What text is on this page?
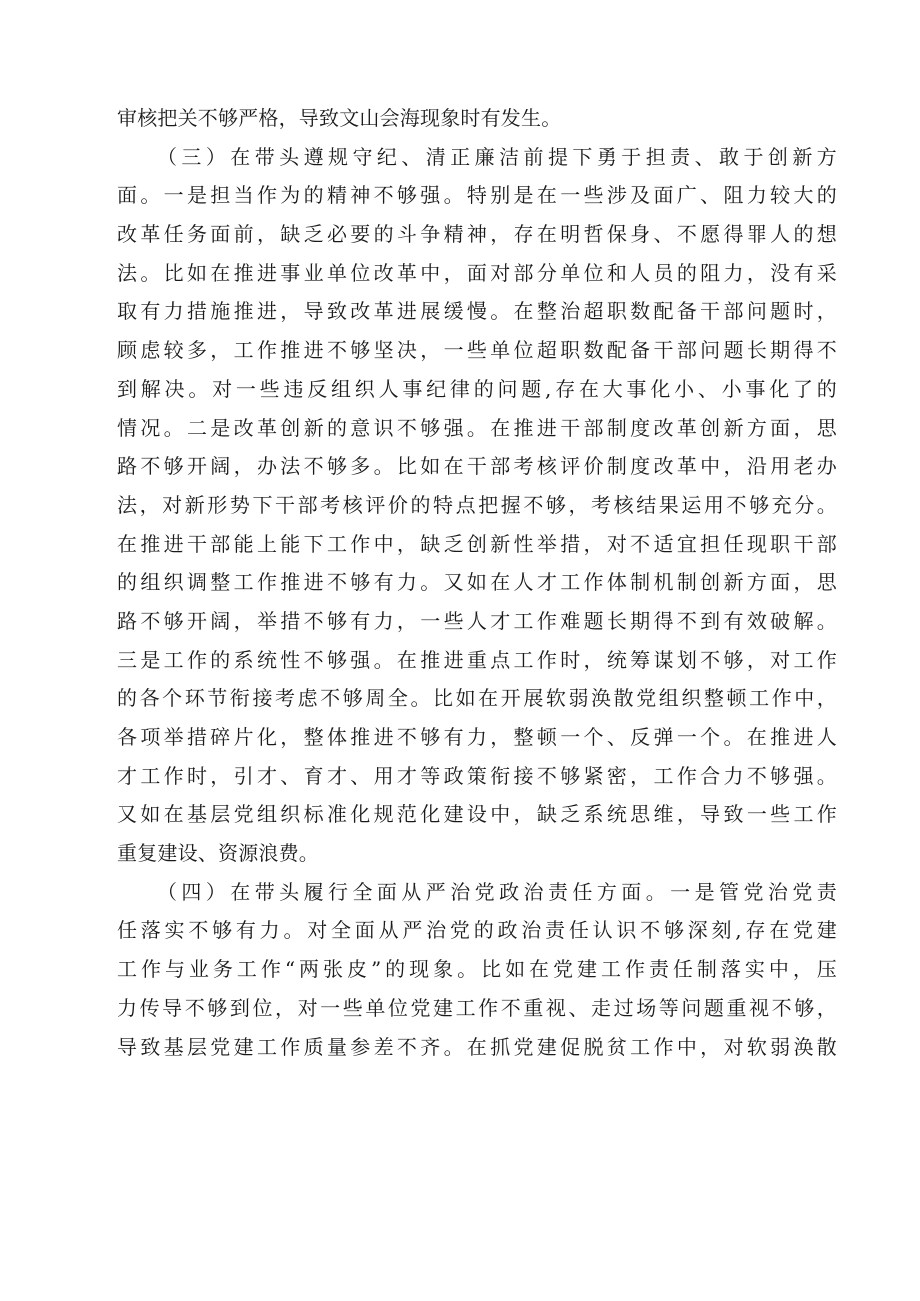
审核把关不够严格，导致文山会海现象时有发生。
（三）在带头遵规守纪、清正廉洁前提下勇于担责、敢于创新方
面。一是担当作为的精神不够强。特别是在一些涉及面广、阻力较大的
改革任务面前，缺乏必要的斗争精神，存在明哲保身、不愿得罪人的想
法。比如在推进事业单位改革中，面对部分单位和人员的阻力，没有采
取有力措施推进，导致改革进展缓慢。在整治超职数配备干部问题时，
顾虑较多，工作推进不够坚决，一些单位超职数配备干部问题长期得不
到解决。对一些违反组织人事纪律的问题,存在大事化小、小事化了的
情况。二是改革创新的意识不够强。在推进干部制度改革创新方面，思
路不够开阔，办法不够多。比如在干部考核评价制度改革中，沿用老办
法，对新形势下干部考核评价的特点把握不够，考核结果运用不够充分。
在推进干部能上能下工作中，缺乏创新性举措，对不适宜担任现职干部
的组织调整工作推进不够有力。又如在人才工作体制机制创新方面，思
路不够开阔，举措不够有力，一些人才工作难题长期得不到有效破解。
三是工作的系统性不够强。在推进重点工作时，统筹谋划不够，对工作
的各个环节衔接考虑不够周全。比如在开展软弱涣散党组织整顿工作中，
各项举措碎片化，整体推进不够有力，整顿一个、反弹一个。在推进人
才工作时，引才、育才、用才等政策衔接不够紧密，工作合力不够强。
又如在基层党组织标准化规范化建设中，缺乏系统思维，导致一些工作
重复建设、资源浪费。
（四）在带头履行全面从严治党政治责任方面。一是管党治党责
任落实不够有力。对全面从严治党的政治责任认识不够深刻,存在党建
工作与业务工作“两张皮”的现象。比如在党建工作责任制落实中，压
力传导不够到位，对一些单位党建工作不重视、走过场等问题重视不够，
导致基层党建工作质量参差不齐。在抓党建促脱贫工作中，对软弱涣散
